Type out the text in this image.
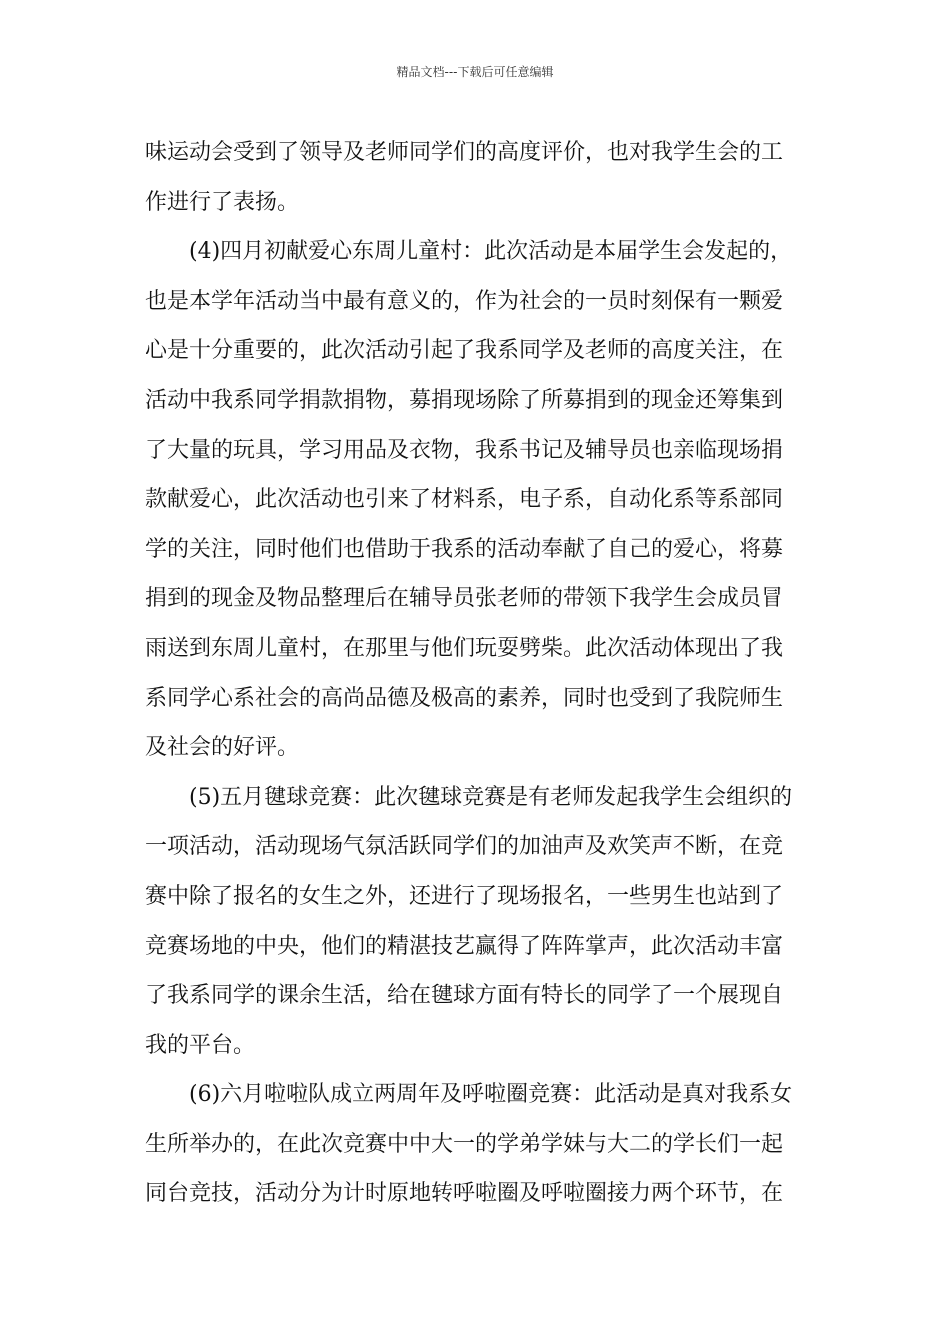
精品文档---下载后可任意编辑
味运动会受到了领导及老师同学们的高度评价，也对我学生会的工
作进行了表扬。
(4)四月初献爱心东周儿童村：此次活动是本届学生会发起的，
也是本学年活动当中最有意义的，作为社会的一员时刻保有一颗爱
心是十分重要的，此次活动引起了我系同学及老师的高度关注，在
活动中我系同学捐款捐物，募捐现场除了所募捐到的现金还筹集到
了大量的玩具，学习用品及衣物，我系书记及辅导员也亲临现场捐
款献爱心，此次活动也引来了材料系，电子系，自动化系等系部同
学的关注，同时他们也借助于我系的活动奉献了自己的爱心，将募
捐到的现金及物品整理后在辅导员张老师的带领下我学生会成员冒
雨送到东周儿童村，在那里与他们玩耍劈柴。此次活动体现出了我
系同学心系社会的高尚品德及极高的素养，同时也受到了我院师生
及社会的好评。
(5)五月毽球竞赛：此次毽球竞赛是有老师发起我学生会组织的
一项活动，活动现场气氛活跃同学们的加油声及欢笑声不断，在竞
赛中除了报名的女生之外，还进行了现场报名，一些男生也站到了
竞赛场地的中央，他们的精湛技艺赢得了阵阵掌声，此次活动丰富
了我系同学的课余生活，给在毽球方面有特长的同学了一个展现自
我的平台。
(6)六月啦啦队成立两周年及呼啦圈竞赛：此活动是真对我系女
生所举办的，在此次竞赛中中大一的学弟学妹与大二的学长们一起
同台竞技，活动分为计时原地转呼啦圈及呼啦圈接力两个环节，在
